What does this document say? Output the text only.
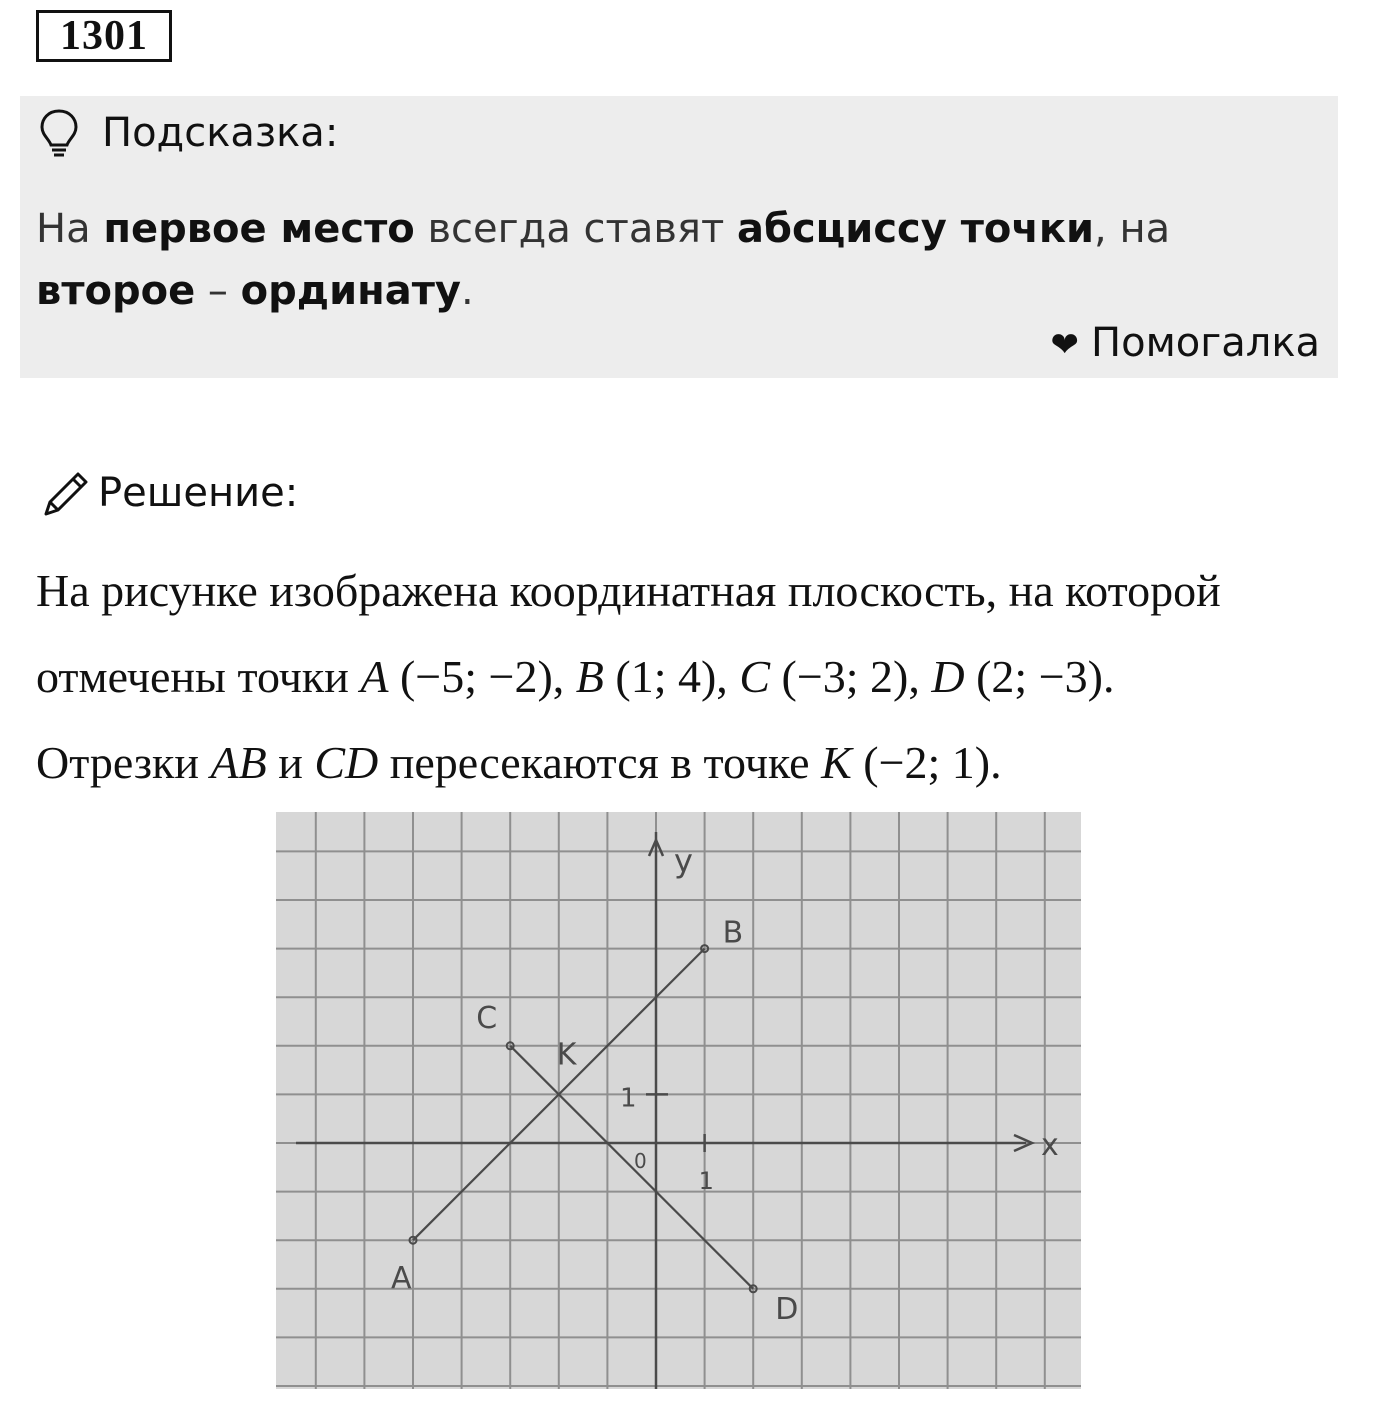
1301
Подсказка:
На первое место всегда ставят абсциссу точки, на второе – ординату.
❤ Помогалка
Решение:
На рисунке изображена координатная плоскость, на которой
отмечены точки A (−5; −2), B (1; 4), C (−3; 2), D (2; −3).
Отрезки AB и CD пересекаются в точке K (−2; 1).
x
y
0
1
1
A
B
C
D
K
